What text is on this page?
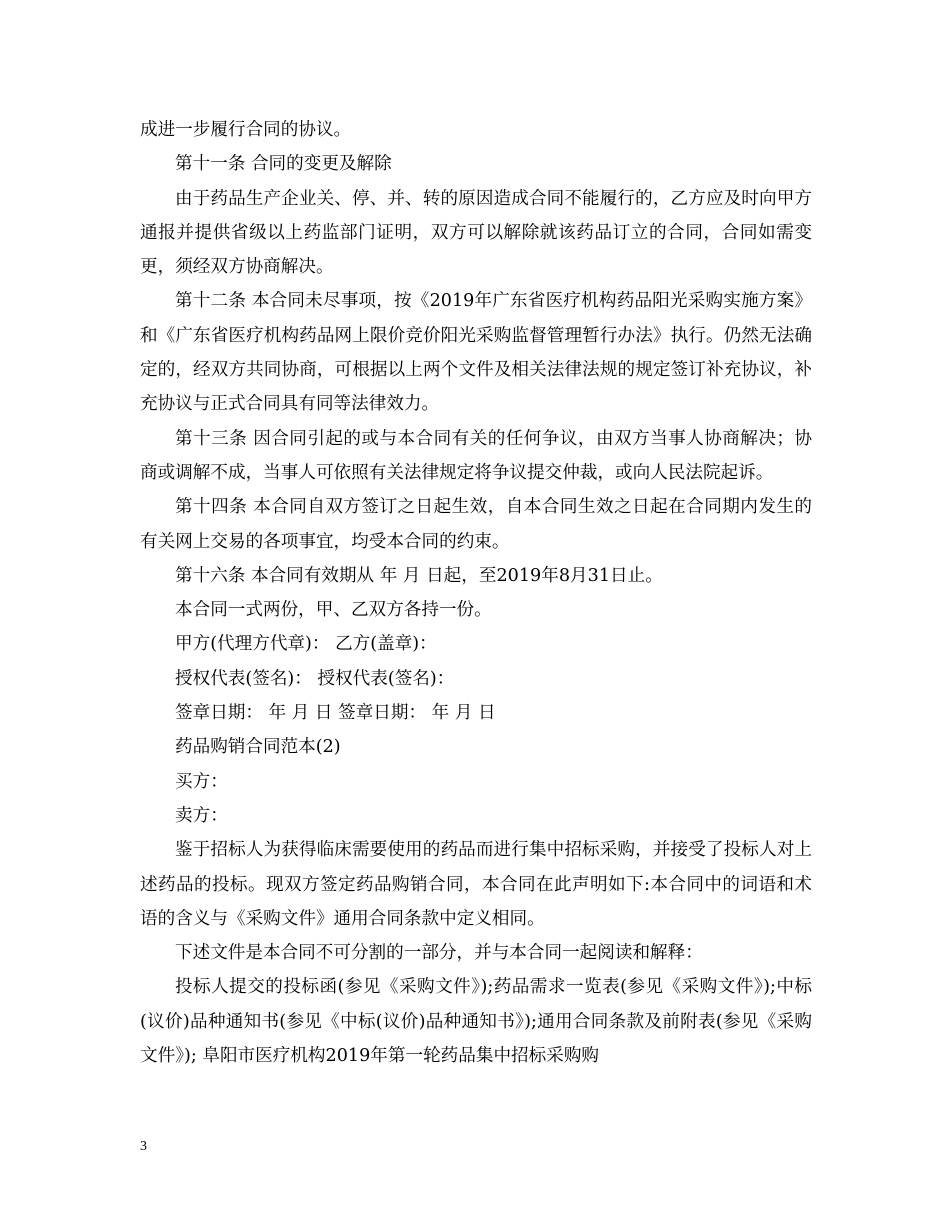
成进一步履行合同的协议。

第十一条 合同的变更及解除

由于药品生产企业关、停、并、转的原因造成合同不能履行的，乙方应及时向甲方通报并提供省级以上药监部门证明，双方可以解除就该药品订立的合同，合同如需变更，须经双方协商解决。

第十二条 本合同未尽事项，按《2019年广东省医疗机构药品阳光采购实施方案》和《广东省医疗机构药品网上限价竞价阳光采购监督管理暂行办法》执行。仍然无法确定的，经双方共同协商，可根据以上两个文件及相关法律法规的规定签订补充协议，补充协议与正式合同具有同等法律效力。

第十三条 因合同引起的或与本合同有关的任何争议，由双方当事人协商解决；协商或调解不成，当事人可依照有关法律规定将争议提交仲裁，或向人民法院起诉。

第十四条 本合同自双方签订之日起生效，自本合同生效之日起在合同期内发生的有关网上交易的各项事宜，均受本合同的约束。

第十六条 本合同有效期从 年 月 日起，至2019年8月31日止。

本合同一式两份，甲、乙双方各持一份。

甲方(代理方代章)： 乙方(盖章)：

授权代表(签名)： 授权代表(签名)：

签章日期： 年 月 日 签章日期： 年 月 日

药品购销合同范本(2)

买方：

卖方：

鉴于招标人为获得临床需要使用的药品而进行集中招标采购，并接受了投标人对上述药品的投标。现双方签定药品购销合同，本合同在此声明如下:本合同中的词语和术语的含义与《采购文件》通用合同条款中定义相同。

下述文件是本合同不可分割的一部分，并与本合同一起阅读和解释：

投标人提交的投标函(参见《采购文件》);药品需求一览表(参见《采购文件》);中标(议价)品种通知书(参见《中标(议价)品种通知书》);通用合同条款及前附表(参见《采购文件》); 阜阳市医疗机构2019年第一轮药品集中招标采购购

3
